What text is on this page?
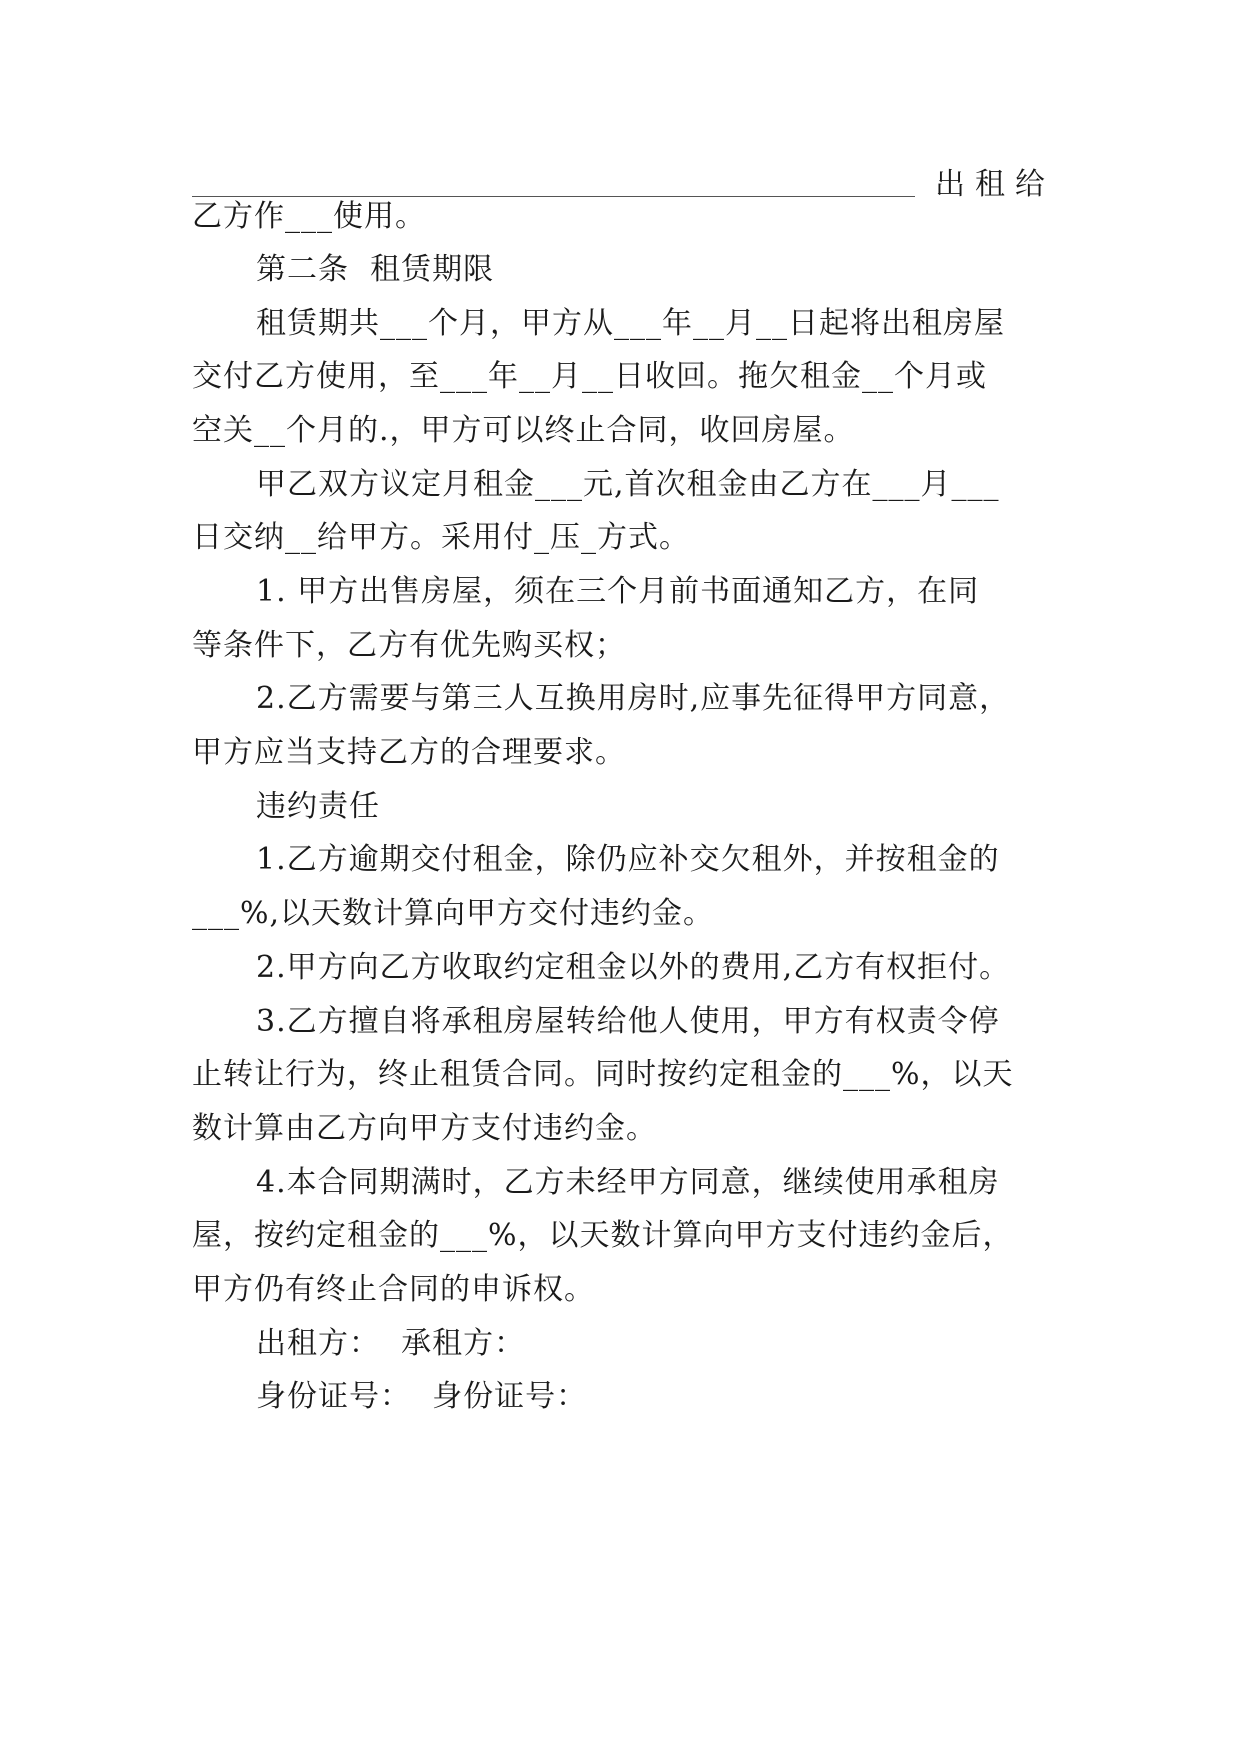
出租给
乙方作___使用。
第二条  租赁期限
租赁期共___个月，甲方从___年__月__日起将出租房屋
交付乙方使用，至___年__月__日收回。拖欠租金__个月或
空关__个月的.，甲方可以终止合同，收回房屋。
甲乙双方议定月租金___元,首次租金由乙方在___月___
日交纳__给甲方。采用付_压_方式。
1. 甲方出售房屋，须在三个月前书面通知乙方，在同
等条件下，乙方有优先购买权；
2.乙方需要与第三人互换用房时,应事先征得甲方同意，
甲方应当支持乙方的合理要求。
违约责任
1.乙方逾期交付租金，除仍应补交欠租外，并按租金的
___%,以天数计算向甲方交付违约金。
2.甲方向乙方收取约定租金以外的费用,乙方有权拒付。
3.乙方擅自将承租房屋转给他人使用，甲方有权责令停
止转让行为，终止租赁合同。同时按约定租金的___%，以天
数计算由乙方向甲方支付违约金。
4.本合同期满时，乙方未经甲方同意，继续使用承租房
屋，按约定租金的___%，以天数计算向甲方支付违约金后，
甲方仍有终止合同的申诉权。
出租方：  承租方：
身份证号：  身份证号：
